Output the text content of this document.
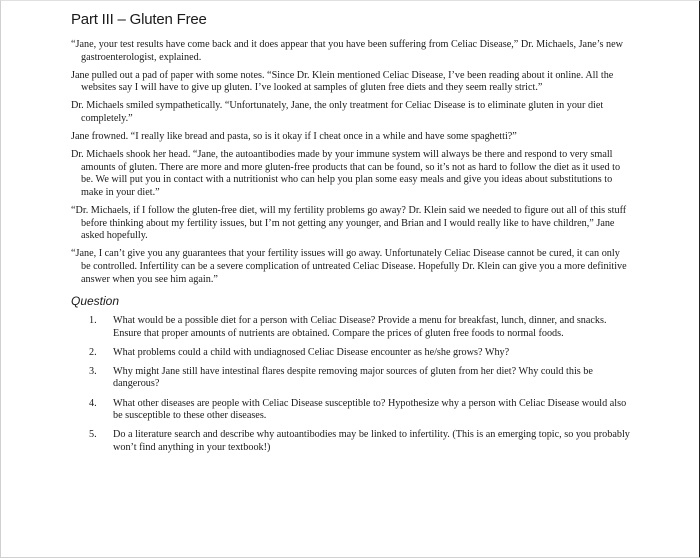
Part III – Gluten Free

“Jane, your test results have come back and it does appear that you have been suffering from Celiac Disease,” Dr. Michaels, Jane’s new gastroenterologist, explained.

Jane pulled out a pad of paper with some notes. “Since Dr. Klein mentioned Celiac Disease, I’ve been reading about it online. All the websites say I will have to give up gluten. I’ve looked at samples of gluten free diets and they seem really strict.”

Dr. Michaels smiled sympathetically. “Unfortunately, Jane, the only treatment for Celiac Disease is to eliminate gluten in your diet completely.”

Jane frowned. “I really like bread and pasta, so is it okay if I cheat once in a while and have some spaghetti?”

Dr. Michaels shook her head. “Jane, the autoantibodies made by your immune system will always be there and respond to very small amounts of gluten. There are more and more gluten-free products that can be found, so it’s not as hard to follow the diet as it used to be. We will put you in contact with a nutritionist who can help you plan some easy meals and give you ideas about substitutions to make in your diet.”

“Dr. Michaels, if I follow the gluten-free diet, will my fertility problems go away? Dr. Klein said we needed to figure out all of this stuff before thinking about my fertility issues, but I’m not getting any younger, and Brian and I would really like to have children,” Jane asked hopefully.

“Jane, I can’t give you any guarantees that your fertility issues will go away. Unfortunately Celiac Disease cannot be cured, it can only be controlled. Infertility can be a severe complication of untreated Celiac Disease. Hopefully Dr. Klein can give you a more definitive answer when you see him again.”

Question
1. What would be a possible diet for a person with Celiac Disease? Provide a menu for breakfast, lunch, dinner, and snacks. Ensure that proper amounts of nutrients are obtained. Compare the prices of gluten free foods to normal foods.
2. What problems could a child with undiagnosed Celiac Disease encounter as he/she grows? Why?
3. Why might Jane still have intestinal flares despite removing major sources of gluten from her diet? Why could this be dangerous?
4. What other diseases are people with Celiac Disease susceptible to? Hypothesize why a person with Celiac Disease would also be susceptible to these other diseases.
5. Do a literature search and describe why autoantibodies may be linked to infertility. (This is an emerging topic, so you probably won’t find anything in your textbook!)
